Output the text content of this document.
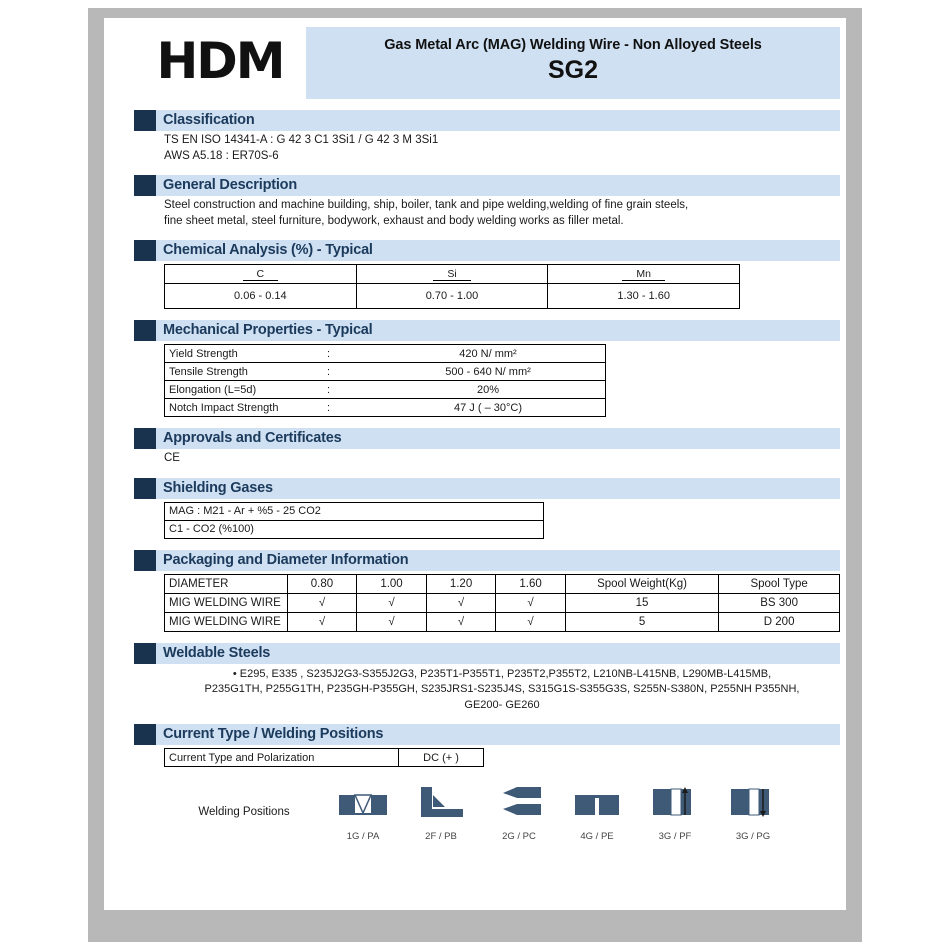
HDM	Gas Metal Arc (MAG) Welding Wire - Non Alloyed Steels
SG2
Classification
TS EN ISO 14341-A : G 42 3 C1 3Si1 / G 42 3 M 3Si1
AWS A5.18 : ER70S-6
General Description
Steel construction and machine building, ship, boiler, tank and pipe welding,welding of fine grain steels,
fine sheet metal, steel furniture, bodywork, exhaust and body welding works as filler metal.
Chemical Analysis (%) - Typical
C	Si	Mn
0.06 - 0.14	0.70 - 1.00	1.30 - 1.60
Mechanical Properties - Typical
Yield Strength	:	420 N/ mm²
Tensile Strength	:	500 - 640 N/ mm²
Elongation (L=5d)	:	20%
Notch Impact Strength	:	47 J ( – 30°C)
Approvals and Certificates
CE
Shielding Gases
MAG : M21 - Ar + %5 - 25 CO2
C1 - CO2 (%100)
Packaging and Diameter Information
DIAMETER	0.80	1.00	1.20	1.60	Spool Weight(Kg)	Spool Type
MIG WELDING WIRE	√	√	√	√	15	BS 300
MIG WELDING WIRE	√	√	√	√	5	D 200
Weldable Steels
• E295, E335 , S235J2G3-S355J2G3, P235T1-P355T1, P235T2,P355T2, L210NB-L415NB, L290MB-L415MB,
P235G1TH, P255G1TH, P235GH-P355GH, S235JRS1-S235J4S, S315G1S-S355G3S, S255N-S380N, P255NH P355NH,
GE200- GE260
Current Type / Welding Positions
Current Type and Polarization	DC (+ )
Welding Positions
1G / PA	2F / PB	2G / PC	4G / PE	3G / PF	3G / PG
